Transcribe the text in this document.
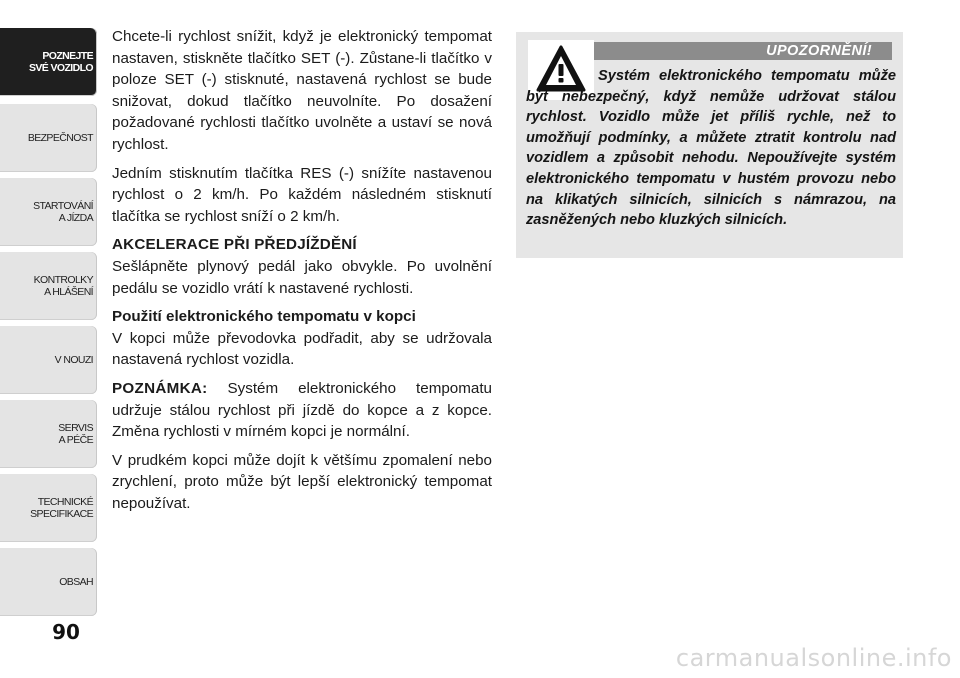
POZNEJTE
SVÉ VOZIDLO
BEZPEČNOST
STARTOVÁNÍ
A JÍZDA
KONTROLKY
A HLÁŠENÍ
V NOUZI
SERVIS
A PÉČE
TECHNICKÉ
SPECIFIKACE
OBSAH
90

Chcete-li rychlost snížit, když je elektronický tempomat nastaven, stiskněte tlačítko SET (-). Zůstane-li tlačítko v poloze SET (-) stisknuté, nastavená rychlost se bude snižovat, dokud tlačítko neuvolníte. Po dosažení požadované rychlosti tlačítko uvolněte a ustaví se nová rychlost.

Jedním stisknutím tlačítka RES (-) snížíte nastavenou rychlost o 2 km/h. Po každém následném stisknutí tlačítka se rychlost sníží o 2 km/h.

AKCELERACE PŘI PŘEDJÍŽDĚNÍ

Sešlápněte plynový pedál jako obvykle. Po uvolnění pedálu se vozidlo vrátí k nastavené rychlosti.

Použití elektronického tempomatu v kopci

V kopci může převodovka podřadit, aby se udržovala nastavená rychlost vozidla.

POZNÁMKA: Systém elektronického tempomatu udržuje stálou rychlost při jízdě do kopce a z kopce. Změna rychlosti v mírném kopci je normální.

V prudkém kopci může dojít k většímu zpomalení nebo zrychlení, proto může být lepší elektronický tempomat nepoužívat.

UPOZORNĚNÍ!
Systém elektronického tempomatu může být nebezpečný, když nemůže udržovat stálou rychlost. Vozidlo může jet příliš rychle, než to umožňují podmínky, a můžete ztratit kontrolu nad vozidlem a způsobit nehodu. Nepoužívejte systém elektronického tempomatu v hustém provozu nebo na klikatých silnicích, silnicích s námrazou, na zasněžených nebo kluzkých silnicích.
carmanualsonline.info
